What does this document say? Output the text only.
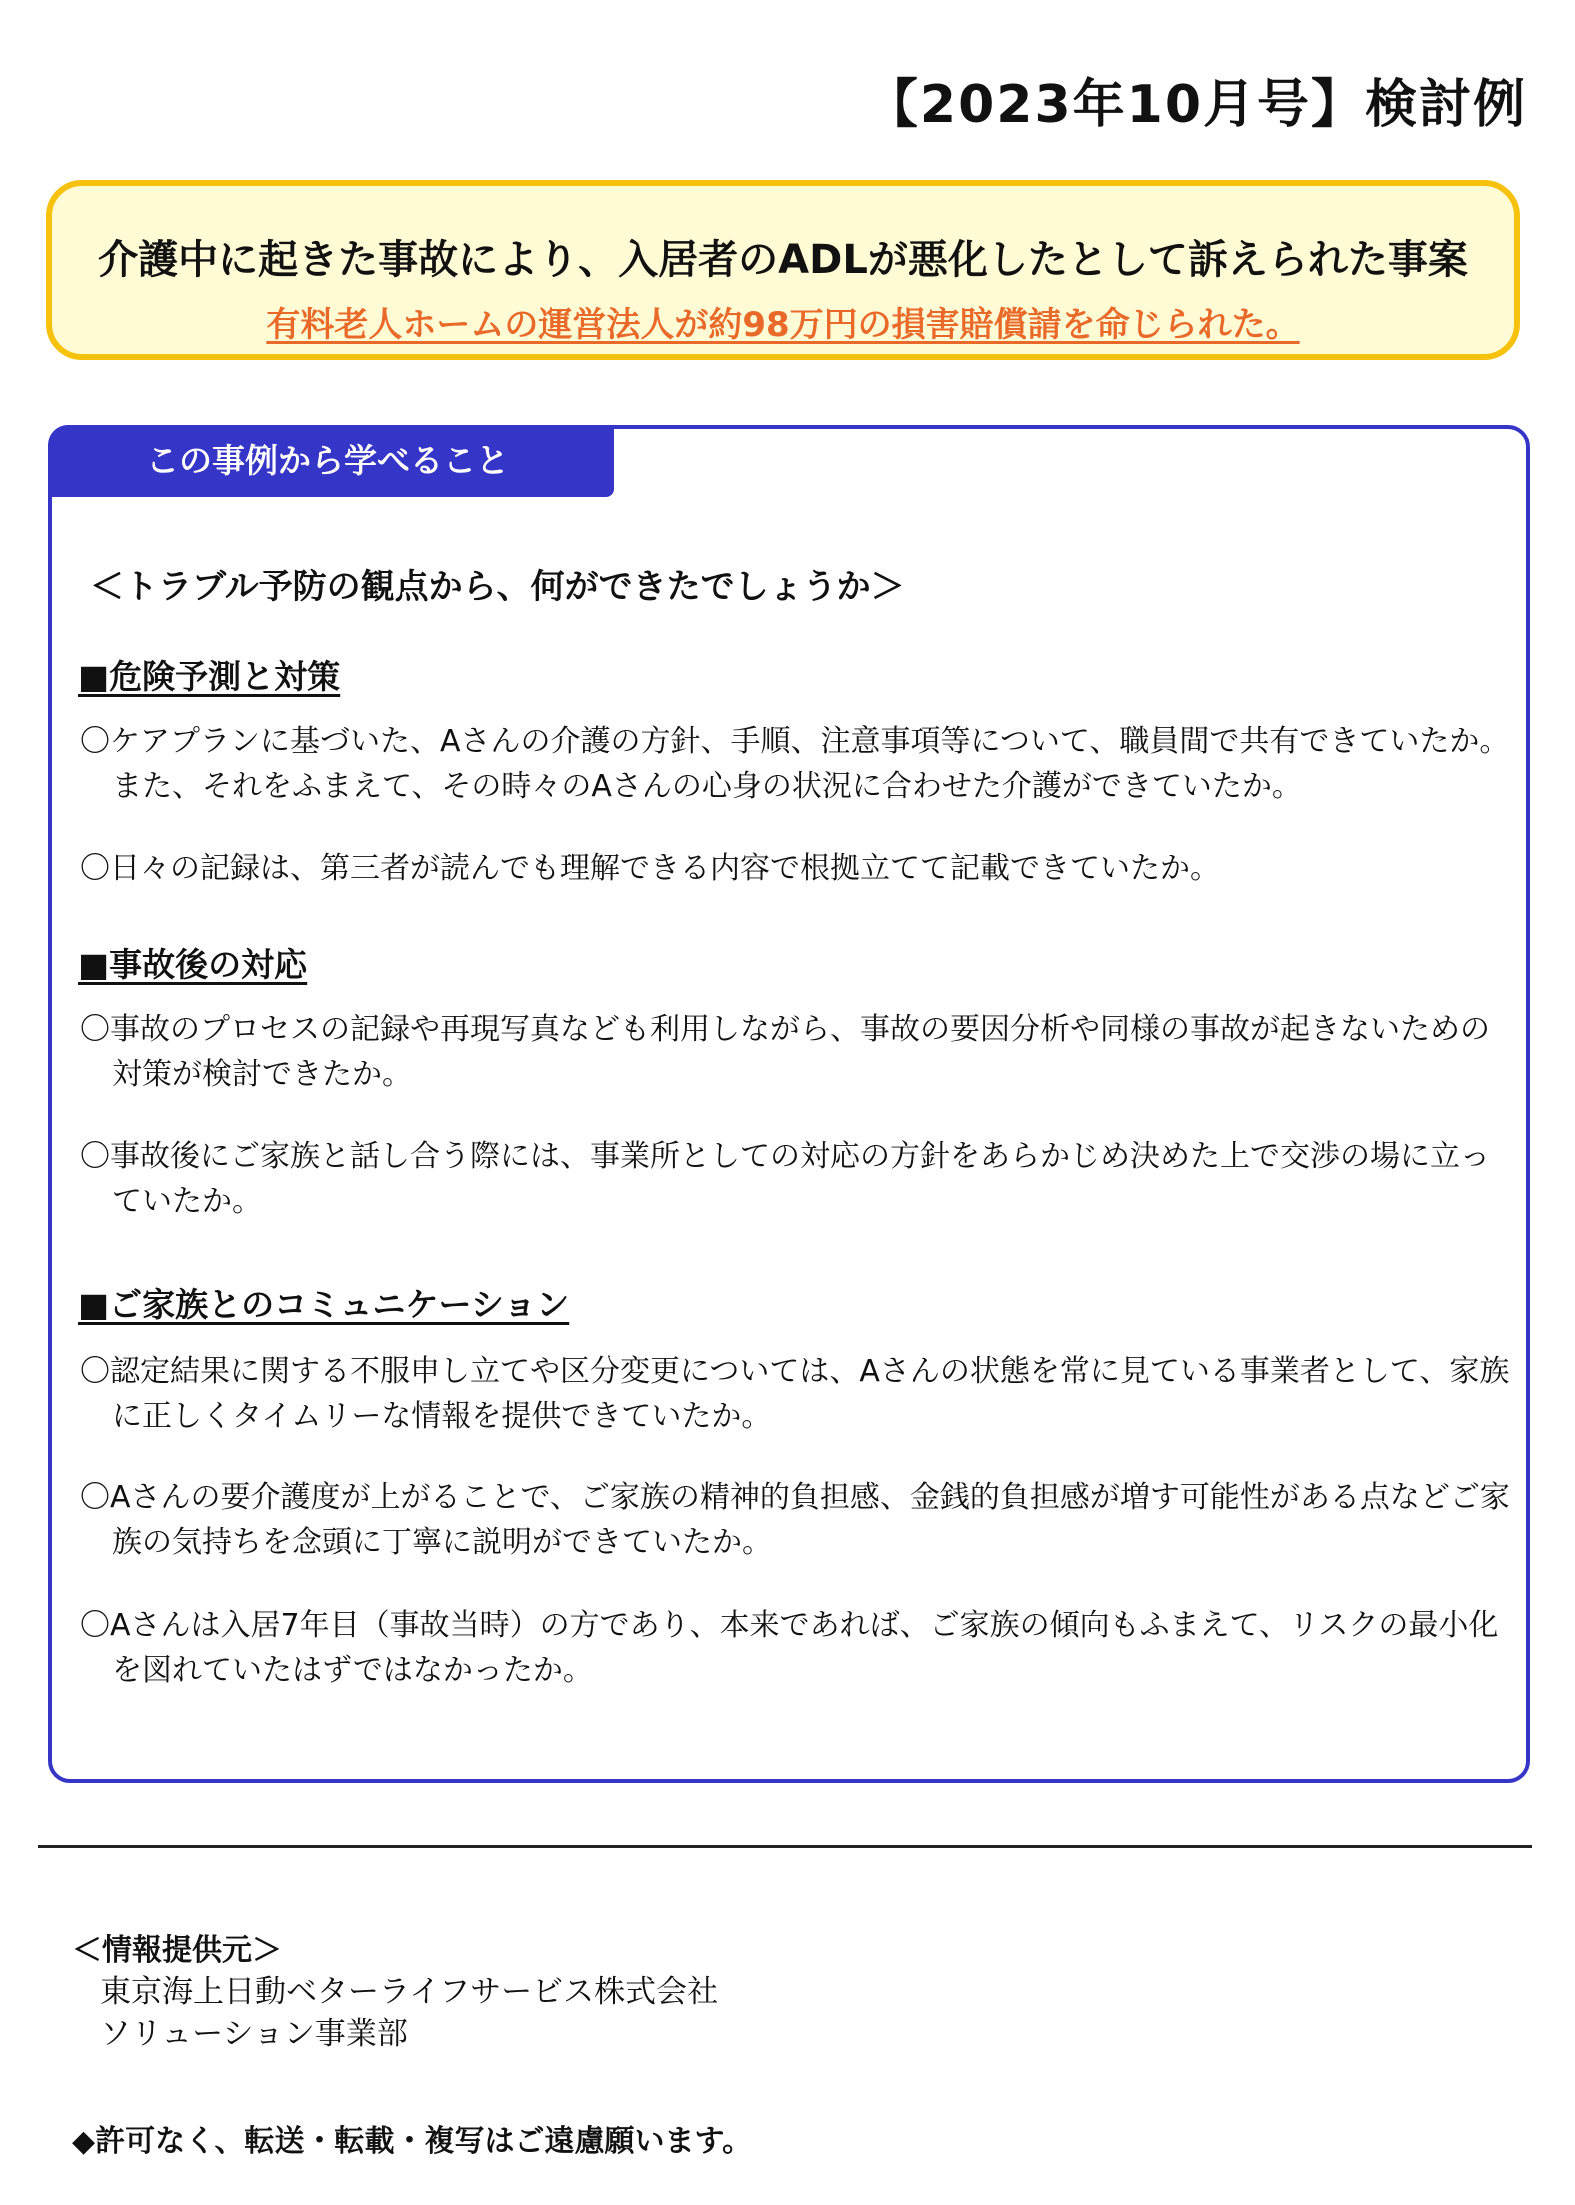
【2023年10月号】検討例
介護中に起きた事故により、入居者のADLが悪化したとして訴えられた事案
有料老人ホームの運営法人が約98万円の損害賠償請を命じられた。
この事例から学べること
＜トラブル予防の観点から、何ができたでしょうか＞
■危険予測と対策
〇ケアプランに基づいた、Aさんの介護の方針、手順、注意事項等について、職員間で共有できていたか。また、それをふまえて、その時々のAさんの心身の状況に合わせた介護ができていたか。
〇日々の記録は、第三者が読んでも理解できる内容で根拠立てて記載できていたか。
■事故後の対応
〇事故のプロセスの記録や再現写真なども利用しながら、事故の要因分析や同様の事故が起きないための対策が検討できたか。
〇事故後にご家族と話し合う際には、事業所としての対応の方針をあらかじめ決めた上で交渉の場に立っていたか。
■ご家族とのコミュニケーション
〇認定結果に関する不服申し立てや区分変更については、Aさんの状態を常に見ている事業者として、家族に正しくタイムリーな情報を提供できていたか。
〇Aさんの要介護度が上がることで、ご家族の精神的負担感、金銭的負担感が増す可能性がある点などご家族の気持ちを念頭に丁寧に説明ができていたか。
〇Aさんは入居7年目（事故当時）の方であり、本来であれば、ご家族の傾向もふまえて、リスクの最小化を図れていたはずではなかったか。
＜情報提供元＞
東京海上日動ベターライフサービス株式会社
ソリューション事業部
◆許可なく、転送・転載・複写はご遠慮願います。
